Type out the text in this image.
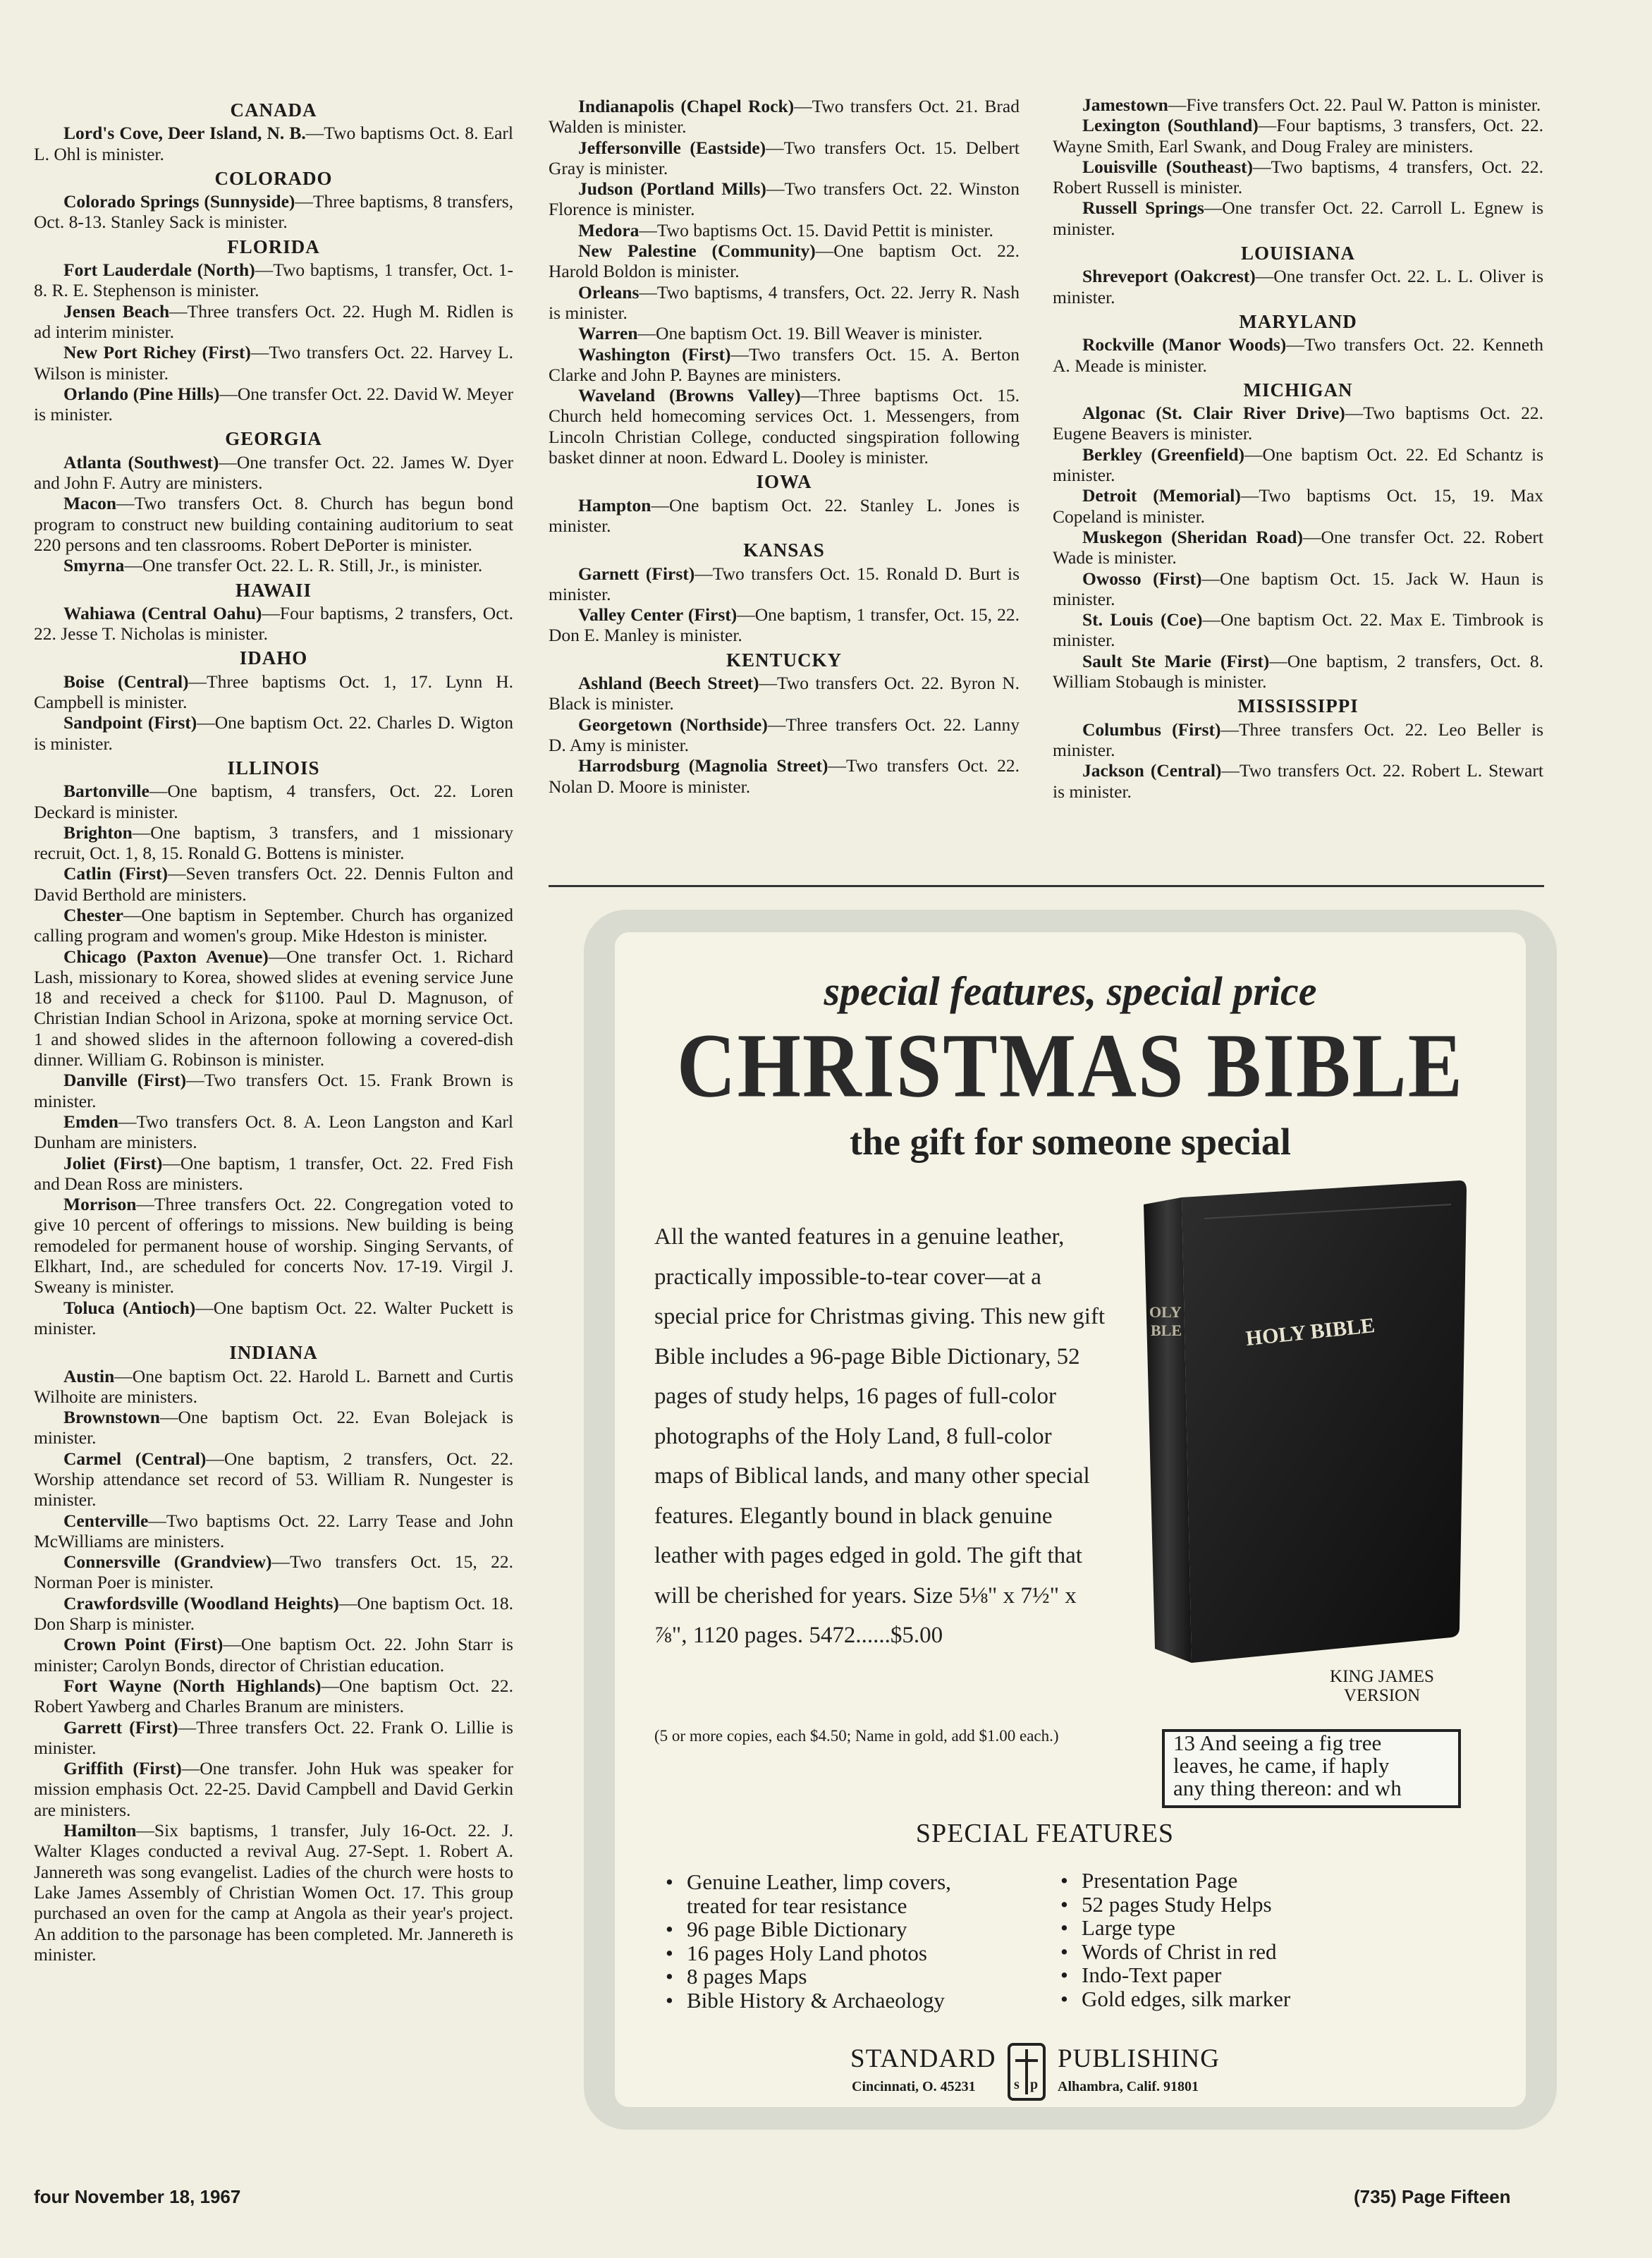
CANADA

Lord's Cove, Deer Island, N. B.—Two baptisms Oct. 8. Earl L. Ohl is minister.

COLORADO

Colorado Springs (Sunnyside)—Three baptisms, 8 transfers, Oct. 8-13. Stanley Sack is minister.

FLORIDA

Fort Lauderdale (North)—Two baptisms, 1 transfer, Oct. 1-8. R. E. Stephenson is minister.

Jensen Beach—Three transfers Oct. 22. Hugh M. Ridlen is ad interim minister.

New Port Richey (First)—Two transfers Oct. 22. Harvey L. Wilson is minister.

Orlando (Pine Hills)—One transfer Oct. 22. David W. Meyer is minister.

GEORGIA

Atlanta (Southwest)—One transfer Oct. 22. James W. Dyer and John F. Autry are ministers.

Macon—Two transfers Oct. 8. Church has begun bond program to construct new building containing auditorium to seat 220 persons and ten classrooms. Robert DePorter is minister.

Smyrna—One transfer Oct. 22. L. R. Still, Jr., is minister.

HAWAII

Wahiawa (Central Oahu)—Four baptisms, 2 transfers, Oct. 22. Jesse T. Nicholas is minister.

IDAHO

Boise (Central)—Three baptisms Oct. 1, 17. Lynn H. Campbell is minister.

Sandpoint (First)—One baptism Oct. 22. Charles D. Wigton is minister.

ILLINOIS

Bartonville—One baptism, 4 transfers, Oct. 22. Loren Deckard is minister.

Brighton—One baptism, 3 transfers, and 1 missionary recruit, Oct. 1, 8, 15. Ronald G. Bottens is minister.

Catlin (First)—Seven transfers Oct. 22. Dennis Fulton and David Berthold are ministers.

Chester—One baptism in September. Church has organized calling program and women's group. Mike Hdeston is minister.

Chicago (Paxton Avenue)—One transfer Oct. 1. Richard Lash, missionary to Korea, showed slides at evening service June 18 and received a check for $1100. Paul D. Magnuson, of Christian Indian School in Arizona, spoke at morning service Oct. 1 and showed slides in the afternoon following a covered-dish dinner. William G. Robinson is minister.

Danville (First)—Two transfers Oct. 15. Frank Brown is minister.

Emden—Two transfers Oct. 8. A. Leon Langston and Karl Dunham are ministers.

Joliet (First)—One baptism, 1 transfer, Oct. 22. Fred Fish and Dean Ross are ministers.

Morrison—Three transfers Oct. 22. Congregation voted to give 10 percent of offerings to missions. New building is being remodeled for permanent house of worship. Singing Servants, of Elkhart, Ind., are scheduled for concerts Nov. 17-19. Virgil J. Sweany is minister.

Toluca (Antioch)—One baptism Oct. 22. Walter Puckett is minister.

INDIANA

Austin—One baptism Oct. 22. Harold L. Barnett and Curtis Wilhoite are ministers.

Brownstown—One baptism Oct. 22. Evan Bolejack is minister.

Carmel (Central)—One baptism, 2 transfers, Oct. 22. Worship attendance set record of 53. William R. Nungester is minister.

Centerville—Two baptisms Oct. 22. Larry Tease and John McWilliams are ministers.

Connersville (Grandview)—Two transfers Oct. 15, 22. Norman Poer is minister.

Crawfordsville (Woodland Heights)—One baptism Oct. 18. Don Sharp is minister.

Crown Point (First)—One baptism Oct. 22. John Starr is minister; Carolyn Bonds, director of Christian education.

Fort Wayne (North Highlands)—One baptism Oct. 22. Robert Yawberg and Charles Branum are ministers.

Garrett (First)—Three transfers Oct. 22. Frank O. Lillie is minister.

Griffith (First)—One transfer. John Huk was speaker for mission emphasis Oct. 22-25. David Campbell and David Gerkin are ministers.

Hamilton—Six baptisms, 1 transfer, July 16-Oct. 22. J. Walter Klages conducted a revival Aug. 27-Sept. 1. Robert A. Jannereth was song evangelist. Ladies of the church were hosts to Lake James Assembly of Christian Women Oct. 17. This group purchased an oven for the camp at Angola as their year's project. An addition to the parsonage has been completed. Mr. Jannereth is minister.

Indianapolis (Chapel Rock)—Two transfers Oct. 21. Brad Walden is minister.

Jeffersonville (Eastside)—Two transfers Oct. 15. Delbert Gray is minister.

Judson (Portland Mills)—Two transfers Oct. 22. Winston Florence is minister.

Medora—Two baptisms Oct. 15. David Pettit is minister.

New Palestine (Community)—One baptism Oct. 22. Harold Boldon is minister.

Orleans—Two baptisms, 4 transfers, Oct. 22. Jerry R. Nash is minister.

Warren—One baptism Oct. 19. Bill Weaver is minister.

Washington (First)—Two transfers Oct. 15. A. Berton Clarke and John P. Baynes are ministers.

Waveland (Browns Valley)—Three baptisms Oct. 15. Church held homecoming services Oct. 1. Messengers, from Lincoln Christian College, conducted singspiration following basket dinner at noon. Edward L. Dooley is minister.

IOWA

Hampton—One baptism Oct. 22. Stanley L. Jones is minister.

KANSAS

Garnett (First)—Two transfers Oct. 15. Ronald D. Burt is minister.

Valley Center (First)—One baptism, 1 transfer, Oct. 15, 22. Don E. Manley is minister.

KENTUCKY

Ashland (Beech Street)—Two transfers Oct. 22. Byron N. Black is minister.

Georgetown (Northside)—Three transfers Oct. 22. Lanny D. Amy is minister.

Harrodsburg (Magnolia Street)—Two transfers Oct. 22. Nolan D. Moore is minister.

Jamestown—Five transfers Oct. 22. Paul W. Patton is minister.

Lexington (Southland)—Four baptisms, 3 transfers, Oct. 22. Wayne Smith, Earl Swank, and Doug Fraley are ministers.

Louisville (Southeast)—Two baptisms, 4 transfers, Oct. 22. Robert Russell is minister.

Russell Springs—One transfer Oct. 22. Carroll L. Egnew is minister.

LOUISIANA

Shreveport (Oakcrest)—One transfer Oct. 22. L. L. Oliver is minister.

MARYLAND

Rockville (Manor Woods)—Two transfers Oct. 22. Kenneth A. Meade is minister.

MICHIGAN

Algonac (St. Clair River Drive)—Two baptisms Oct. 22. Eugene Beavers is minister.

Berkley (Greenfield)—One baptism Oct. 22. Ed Schantz is minister.

Detroit (Memorial)—Two baptisms Oct. 15, 19. Max Copeland is minister.

Muskegon (Sheridan Road)—One transfer Oct. 22. Robert Wade is minister.

Owosso (First)—One baptism Oct. 15. Jack W. Haun is minister.

St. Louis (Coe)—One baptism Oct. 22. Max E. Timbrook is minister.

Sault Ste Marie (First)—One baptism, 2 transfers, Oct. 8. William Stobaugh is minister.

MISSISSIPPI

Columbus (First)—Three transfers Oct. 22. Leo Beller is minister.

Jackson (Central)—Two transfers Oct. 22. Robert L. Stewart is minister.

special features, special price
CHRISTMAS BIBLE
the gift for someone special
All the wanted features in a genuine leather, practically impossible-to-tear cover—at a special price for Christmas giving. This new gift Bible includes a 96-page Bible Dictionary, 52 pages of study helps, 16 pages of full-color photographs of the Holy Land, 8 full-color maps of Biblical lands, and many other special features. Elegantly bound in black genuine leather with pages edged in gold. The gift that will be cherished for years. Size 5⅛" x 7½" x ⅞", 1120 pages. 5472......$5.00
(5 or more copies, each $4.50; Name in gold, add $1.00 each.)
HOLY BIBLE
OLY
BLE
KING JAMES
VERSION
13 And seeing a fig tree
leaves, he came, if haply
any thing thereon: and wh
SPECIAL FEATURES
• Genuine Leather, limp covers,
treated for tear resistance
• 96 page Bible Dictionary
• 16 pages Holy Land photos
• 8 pages Maps
• Bible History & Archaeology
• Presentation Page
• 52 pages Study Helps
• Large type
• Words of Christ in red
• Indo-Text paper
• Gold edges, silk marker
STANDARD
s p
PUBLISHING
Cincinnati, O. 45231	Alhambra, Calif. 91801
four November 18, 1967	(735) Page Fifteen
